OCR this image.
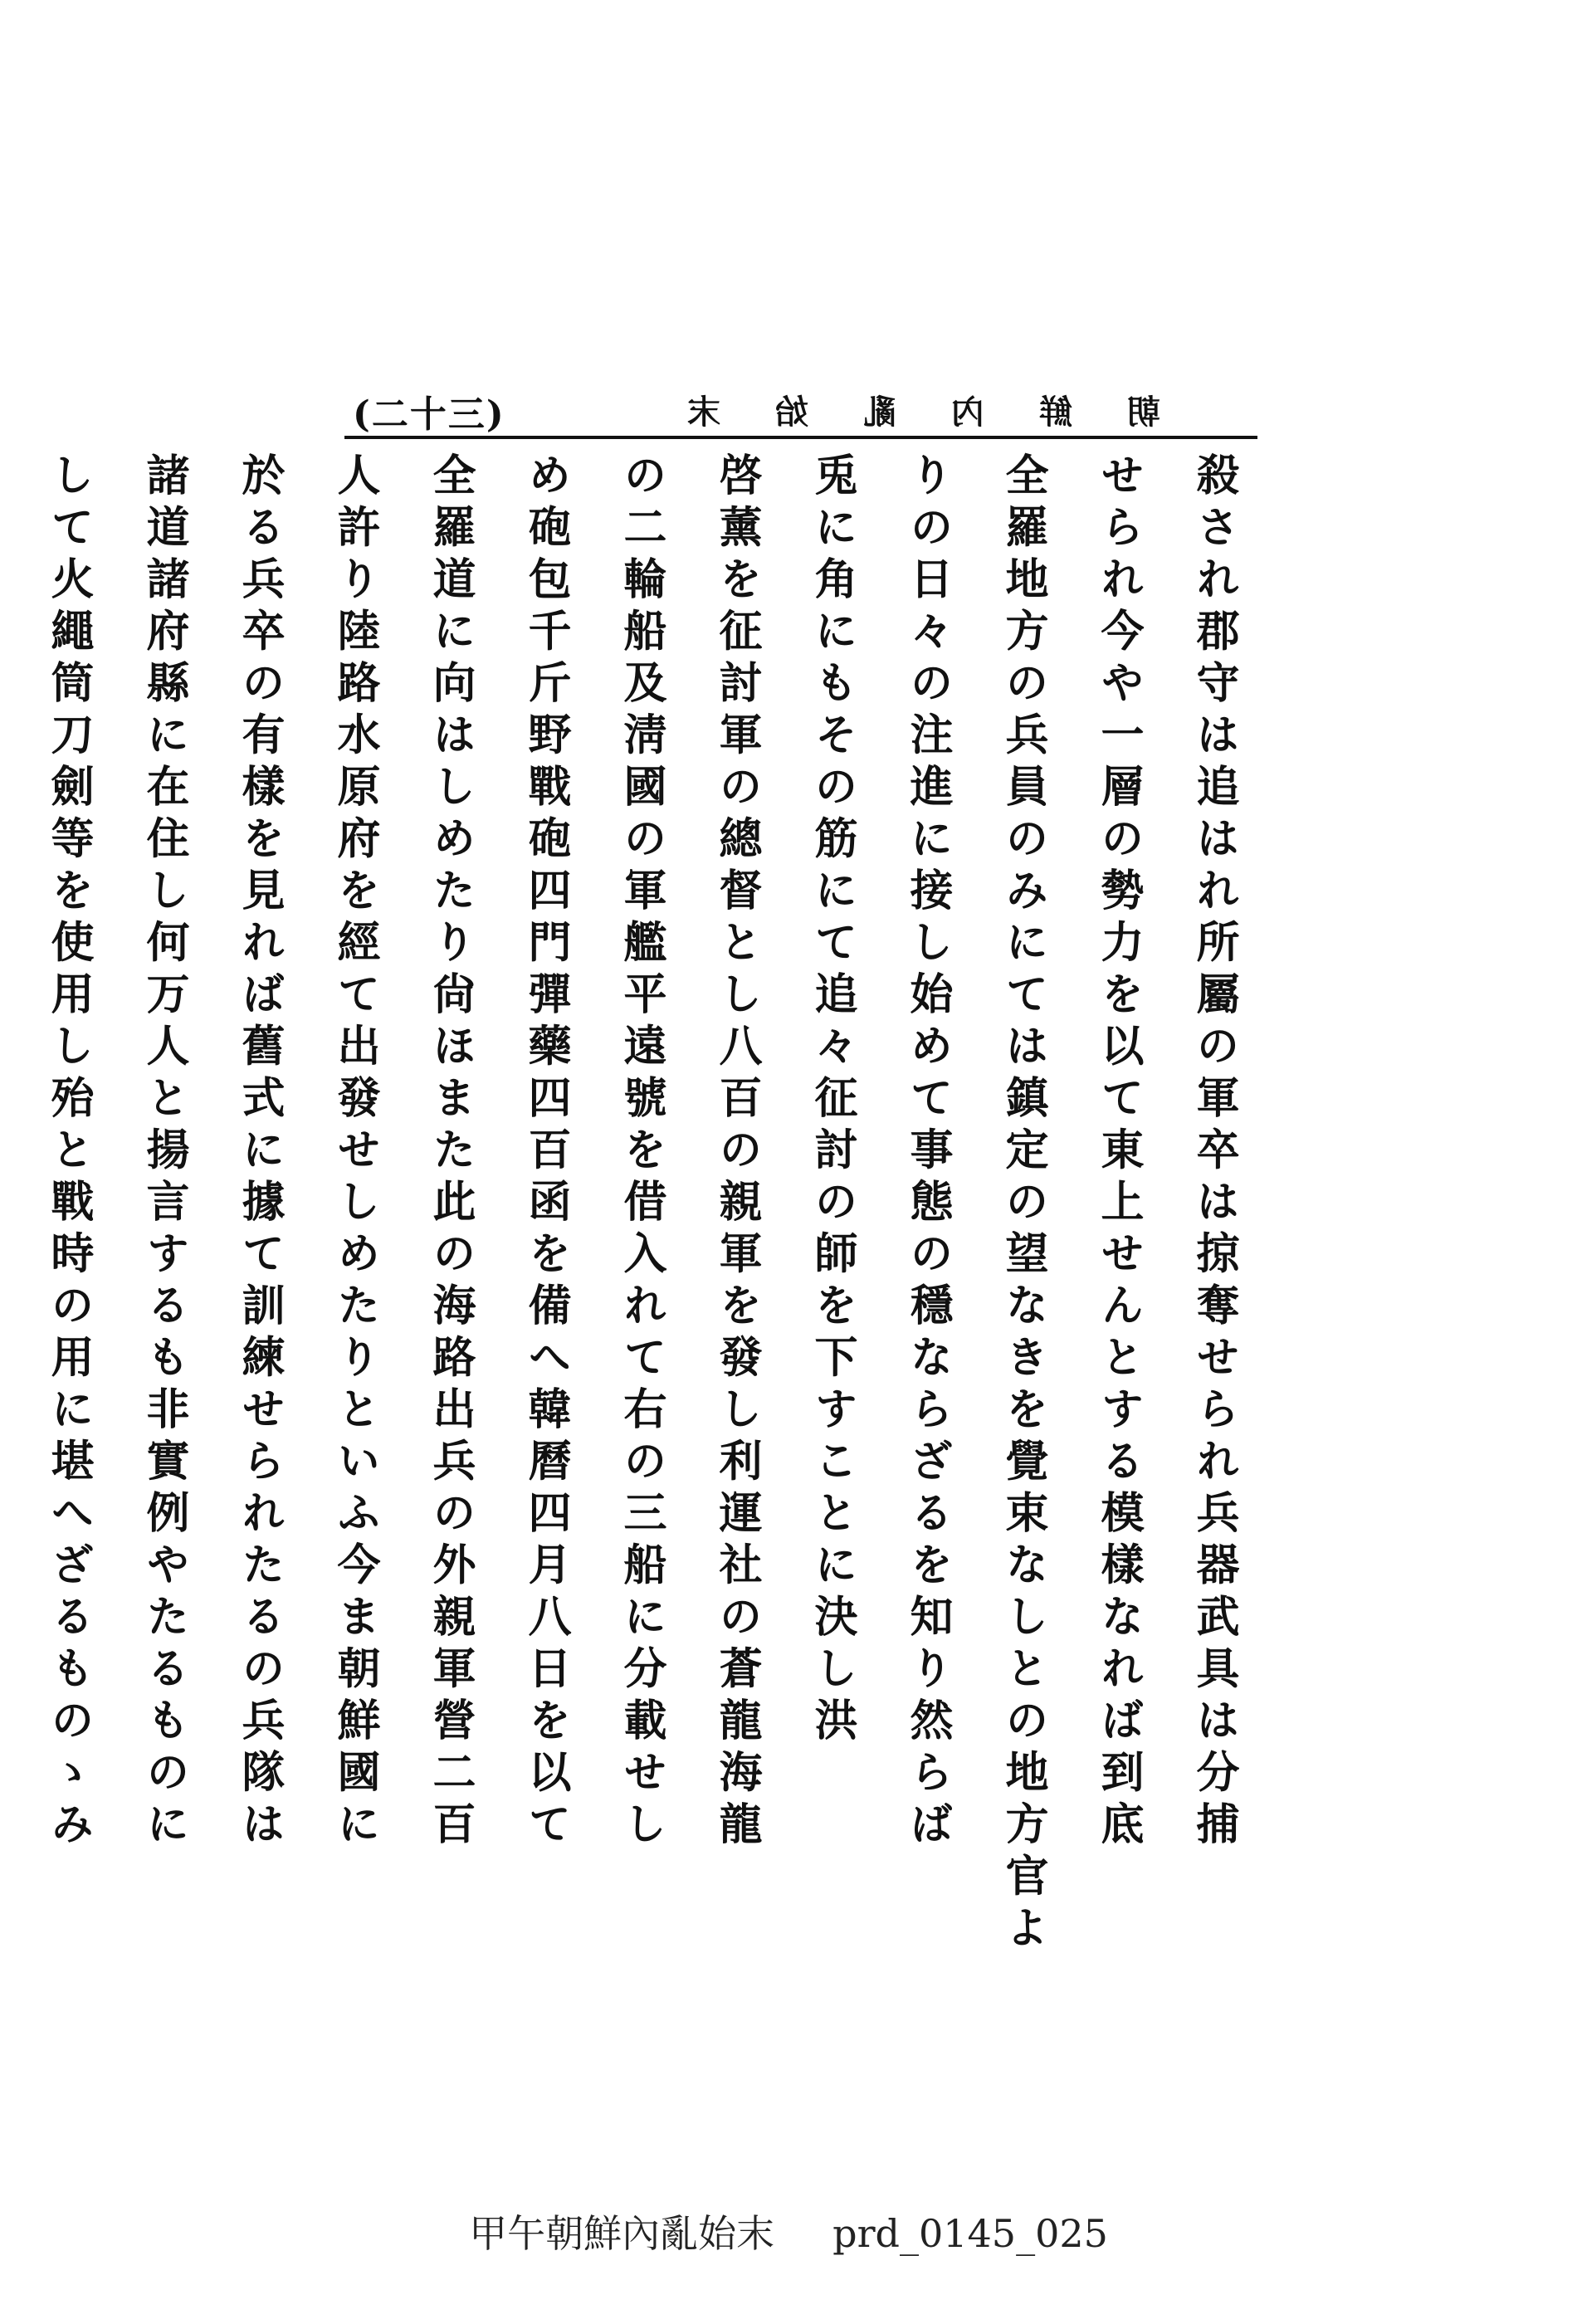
(二十三)	朝鮮內亂始末
殺され郡守は追はれ所屬の軍卒は掠奪せられ兵器武具は分捕
せられ今や一層の勢力を以て東上せんとする模樣なれば到底
全羅地方の兵員のみにては鎮定の望なきを覺束なしとの地方官よ
りの日々の注進に接し始めて事態の穩ならざるを知り然らば
兎に角にもその筋にて追々征討の師を下すことに決し洪
啓薰を征討軍の總督とし八百の親軍を發し利運社の蒼龍海龍
の二輪船及淸國の軍艦平遠號を借入れて右の三船に分載せし
め砲包千斤野戰砲四門彈藥四百函を備へ韓曆四月八日を以て
全羅道に向はしめたり尙ほまた此の海路出兵の外親軍營二百
人許り陸路水原府を經て出發せしめたりといふ今ま朝鮮國に
於る兵卒の有樣を見れば舊式に據て訓練せられたるの兵隊は
諸道諸府縣に在住し何万人と揚言するも非實例やたるものに
して火繩筒刀劍等を使用し殆と戰時の用に堪へざるものゝみ
甲午朝鮮內亂始末 prd_0145_025
